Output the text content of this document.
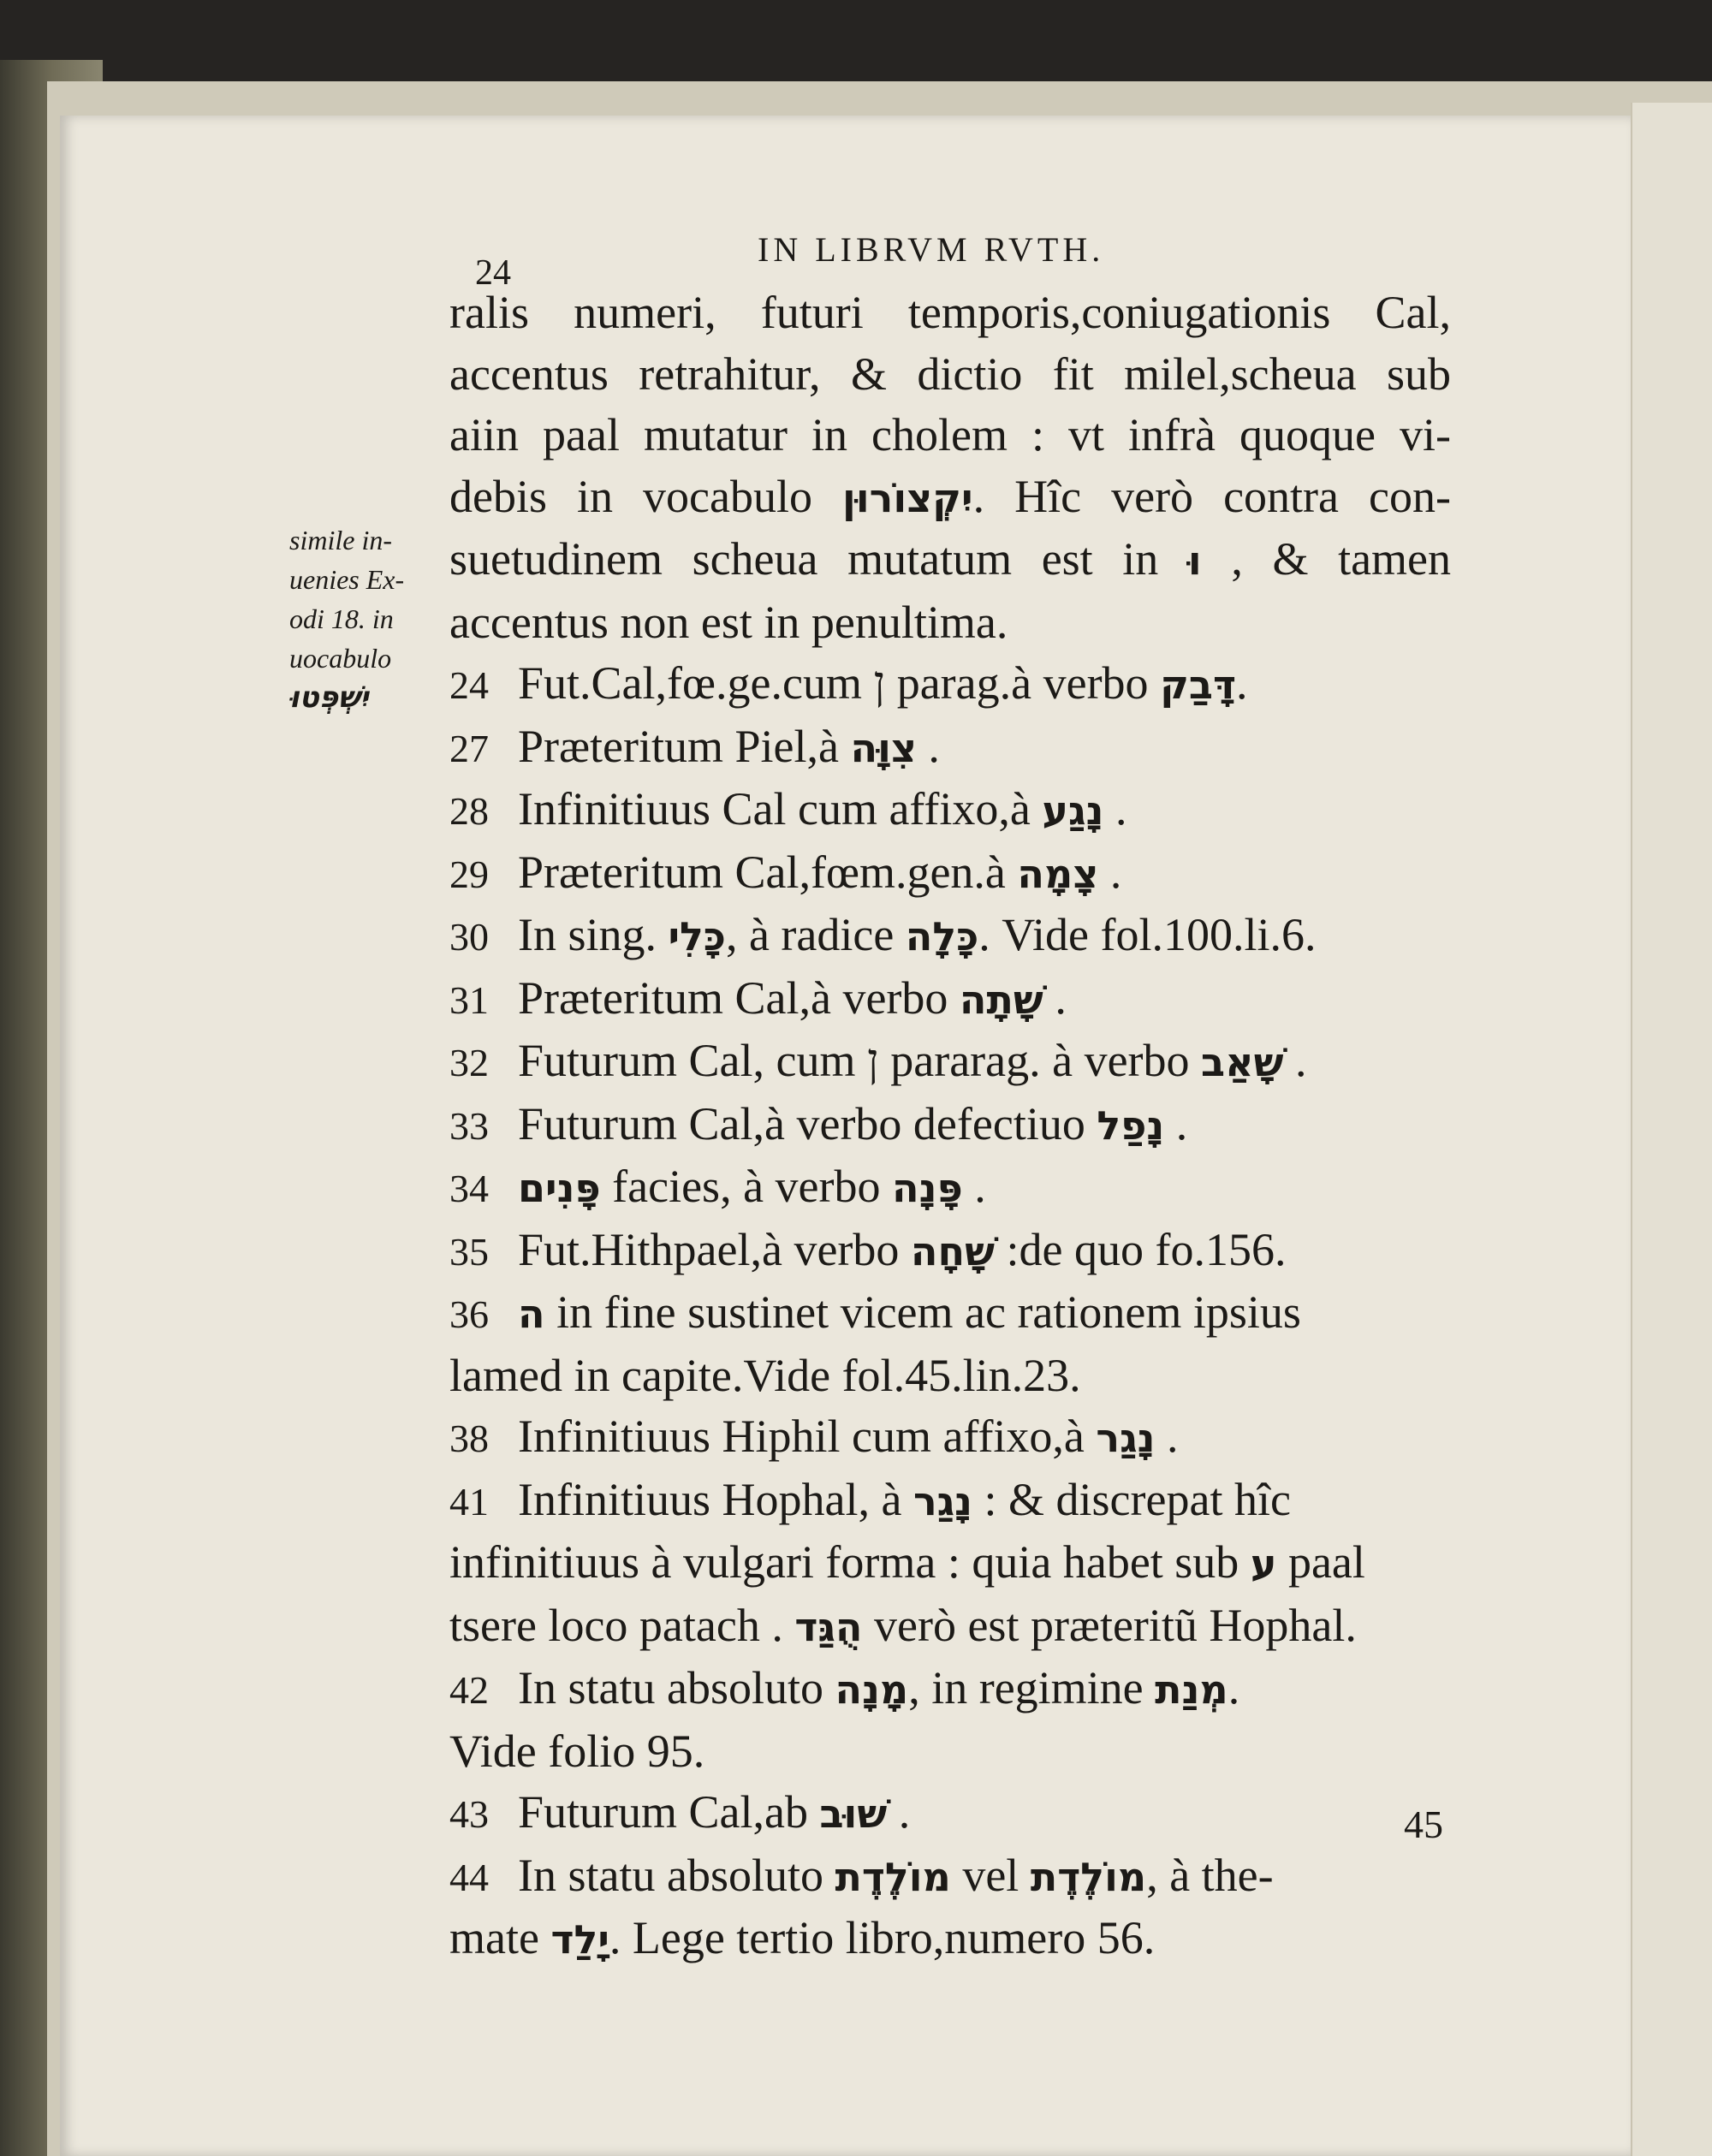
24
IN LIBRVM RVTH.
simile in-
uenies Ex-
odi 18. in
uocabulo
יִשְׁפְּטוּ
ralis numeri, futuri temporis,coniugationis Cal,
accentus retrahitur, & dictio fit milel,scheua sub
aiin paal mutatur in cholem : vt infrà quoque vi-
debis in vocabulo יִקְצוֹרוּן. Hîc verò contra con-
suetudinem scheua mutatum est in וּ , & tamen
accentus non est in penultima.
24 Fut.Cal,fœ.ge.cum ן parag.à verbo דָּבַק.
27 Præteritum Piel,à צִוָּה .
28 Infinitiuus Cal cum affixo,à נָגַע .
29 Præteritum Cal,fœm.gen.à צָמָה .
30 In sing. כָּלִי, à radice כָּלָה. Vide fol.100.li.6.
31 Præteritum Cal,à verbo שָׁתָה .
32 Futurum Cal, cum ן pararag. à verbo שָׁאַב .
33 Futurum Cal,à verbo defectiuo נָפַל .
34 פָּנִים facies, à verbo פָּנָה .
35 Fut.Hithpael,à verbo שָׁחָה :de quo fo.156.
36 ה in fine sustinet vicem ac rationem ipsius
lamed in capite.Vide fol.45.lin.23.
38 Infinitiuus Hiphil cum affixo,à נָגַר .
41 Infinitiuus Hophal, à נָגַר : & discrepat hîc
infinitiuus à vulgari forma : quia habet sub ע paal
tsere loco patach . הֻגַּד verò est præteritũ Hophal.
42 In statu absoluto מָנָה, in regimine מְנַת.
Vide folio 95.
43 Futurum Cal,ab שׁוּב .
44 In statu absoluto מוֹלֶדֶת vel מוֹלֶדֶת, à the-
mate יָלַד. Lege tertio libro,numero 56.
45
